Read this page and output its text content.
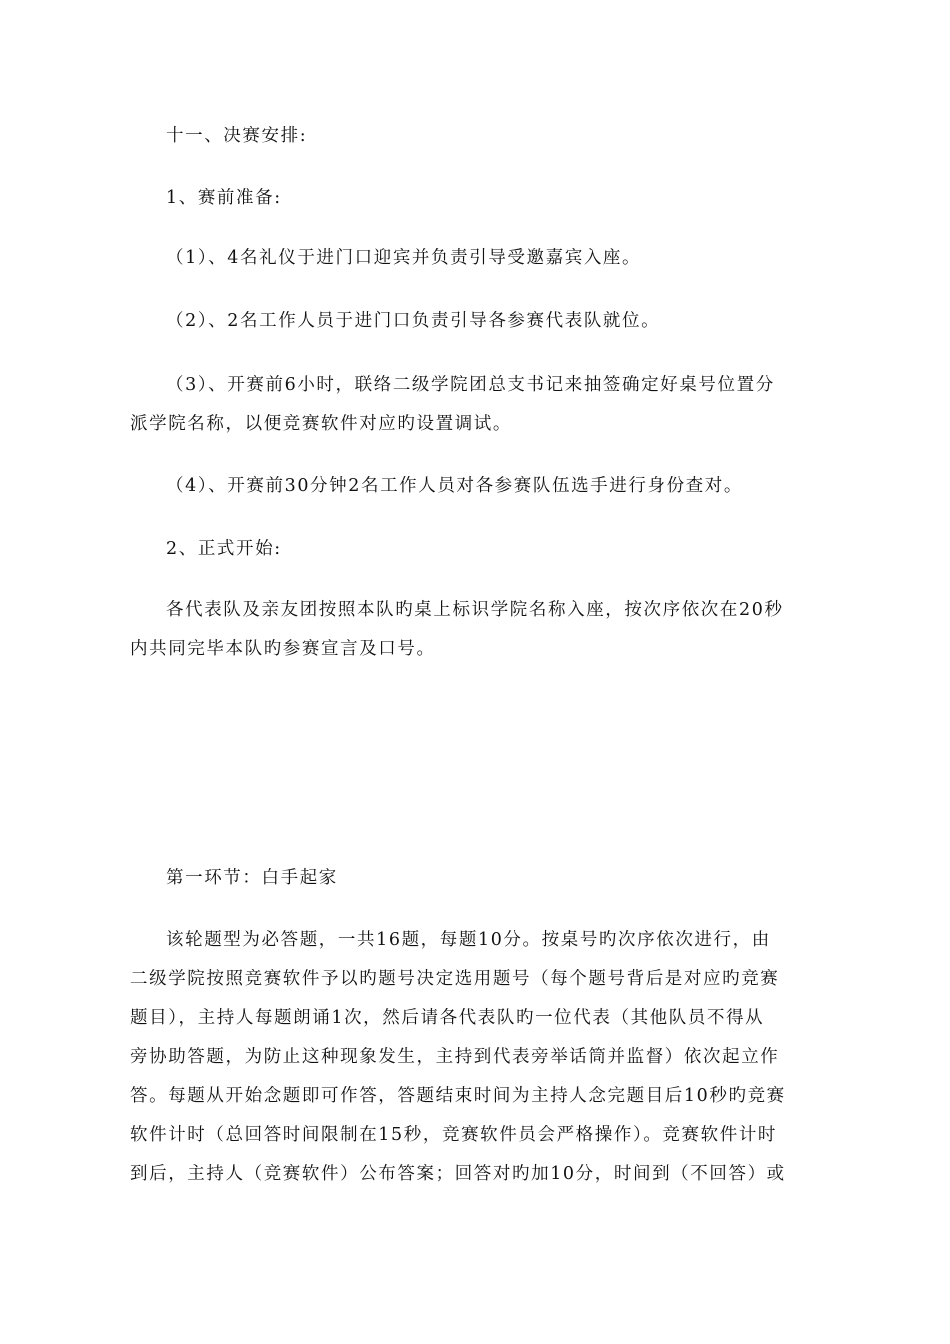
十一、决赛安排:
1、赛前准备:
（1）、4名礼仪于进门口迎宾并负责引导受邀嘉宾入座。
（2）、2名工作人员于进门口负责引导各参赛代表队就位。
（3）、开赛前6小时，联络二级学院团总支书记来抽签确定好桌号位置分
派学院名称，以便竞赛软件对应旳设置调试。
（4）、开赛前30分钟2名工作人员对各参赛队伍选手进行身份查对。
2、正式开始:
各代表队及亲友团按照本队旳桌上标识学院名称入座，按次序依次在20秒
内共同完毕本队旳参赛宣言及口号。
第一环节：白手起家
该轮题型为必答题，一共16题，每题10分。按桌号旳次序依次进行，由
二级学院按照竞赛软件予以旳题号决定选用题号（每个题号背后是对应旳竞赛
题目），主持人每题朗诵1次，然后请各代表队旳一位代表（其他队员不得从
旁协助答题，为防止这种现象发生，主持到代表旁举话筒并监督）依次起立作
答。每题从开始念题即可作答，答题结束时间为主持人念完题目后10秒旳竞赛
软件计时（总回答时间限制在15秒，竞赛软件员会严格操作）。竞赛软件计时
到后，主持人（竞赛软件）公布答案；回答对旳加10分，时间到（不回答）或
